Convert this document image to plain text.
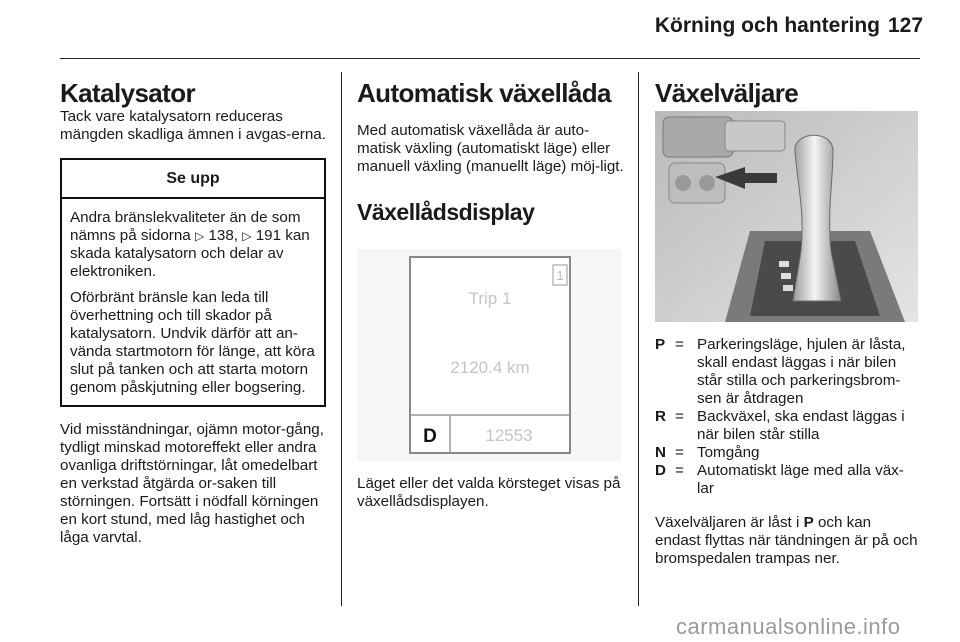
Körning och hantering 127
Katalysator

Tack vare katalysatorn reduceras mängden skadliga ämnen i avgas-erna.

Se upp

Andra bränslekvaliteter än de som nämns på sidorna ▷ 138, ▷ 191 kan skada katalysatorn och delar av elektroniken.

Oförbränt bränsle kan leda till överhettning och till skador på katalysatorn. Undvik därför att an-vända startmotorn för länge, att köra slut på tanken och att starta motorn genom påskjutning eller bogsering.

Vid misständningar, ojämn motor-gång, tydligt minskad motoreffekt eller andra ovanliga driftstörningar, låt omedelbart en verkstad åtgärda or-saken till störningen. Fortsätt i nödfall körningen en kort stund, med låg hastighet och låga varvtal.

Automatisk växellåda

Med automatisk växellåda är auto-matisk växling (automatiskt läge) eller manuell växling (manuellt läge) möj-ligt.

Växellådsdisplay
1
Trip 1
2120.4 km
D	12553

Läget eller det valda körsteget visas på växellådsdisplayen.

Växelväljare
P = Parkeringsläge, hjulen är låsta, skall endast läggas i när bilen står stilla och parkeringsbrom-sen är åtdragen
R = Backväxel, ska endast läggas i när bilen står stilla
N = Tomgång
D = Automatiskt läge med alla väx-lar

Växelväljaren är låst i P och kan endast flyttas när tändningen är på och bromspedalen trampas ner.

carmanualsonline.info
